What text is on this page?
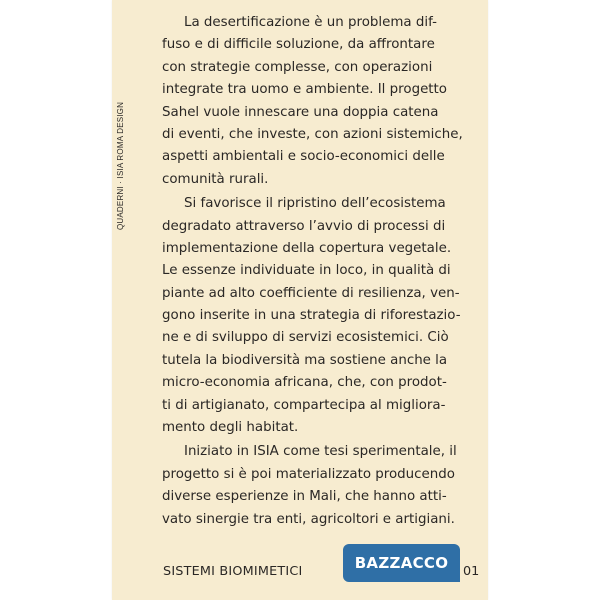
QUADERNI · ISIA ROMA DESIGN
La desertificazione è un problema dif-
fuso e di difficile soluzione, da affrontare
con strategie complesse, con operazioni
integrate tra uomo e ambiente. Il progetto
Sahel vuole innescare una doppia catena
di eventi, che investe, con azioni sistemiche,
aspetti ambientali e socio-economici delle
comunità rurali.
Si favorisce il ripristino dell’ecosistema
degradato attraverso l’avvio di processi di
implementazione della copertura vegetale.
Le essenze individuate in loco, in qualità di
piante ad alto coefficiente di resilienza, ven-
gono inserite in una strategia di riforestazio-
ne e di sviluppo di servizi ecosistemici. Ciò
tutela la biodiversità ma sostiene anche la
micro-economia africana, che, con prodot-
ti di artigianato, compartecipa al migliora-
mento degli habitat.
Iniziato in ISIA come tesi sperimentale, il
progetto si è poi materializzato producendo
diverse esperienze in Mali, che hanno atti-
vato sinergie tra enti, agricoltori e artigiani.
SISTEMI BIOMIMETICI	BAZZACCO 01
